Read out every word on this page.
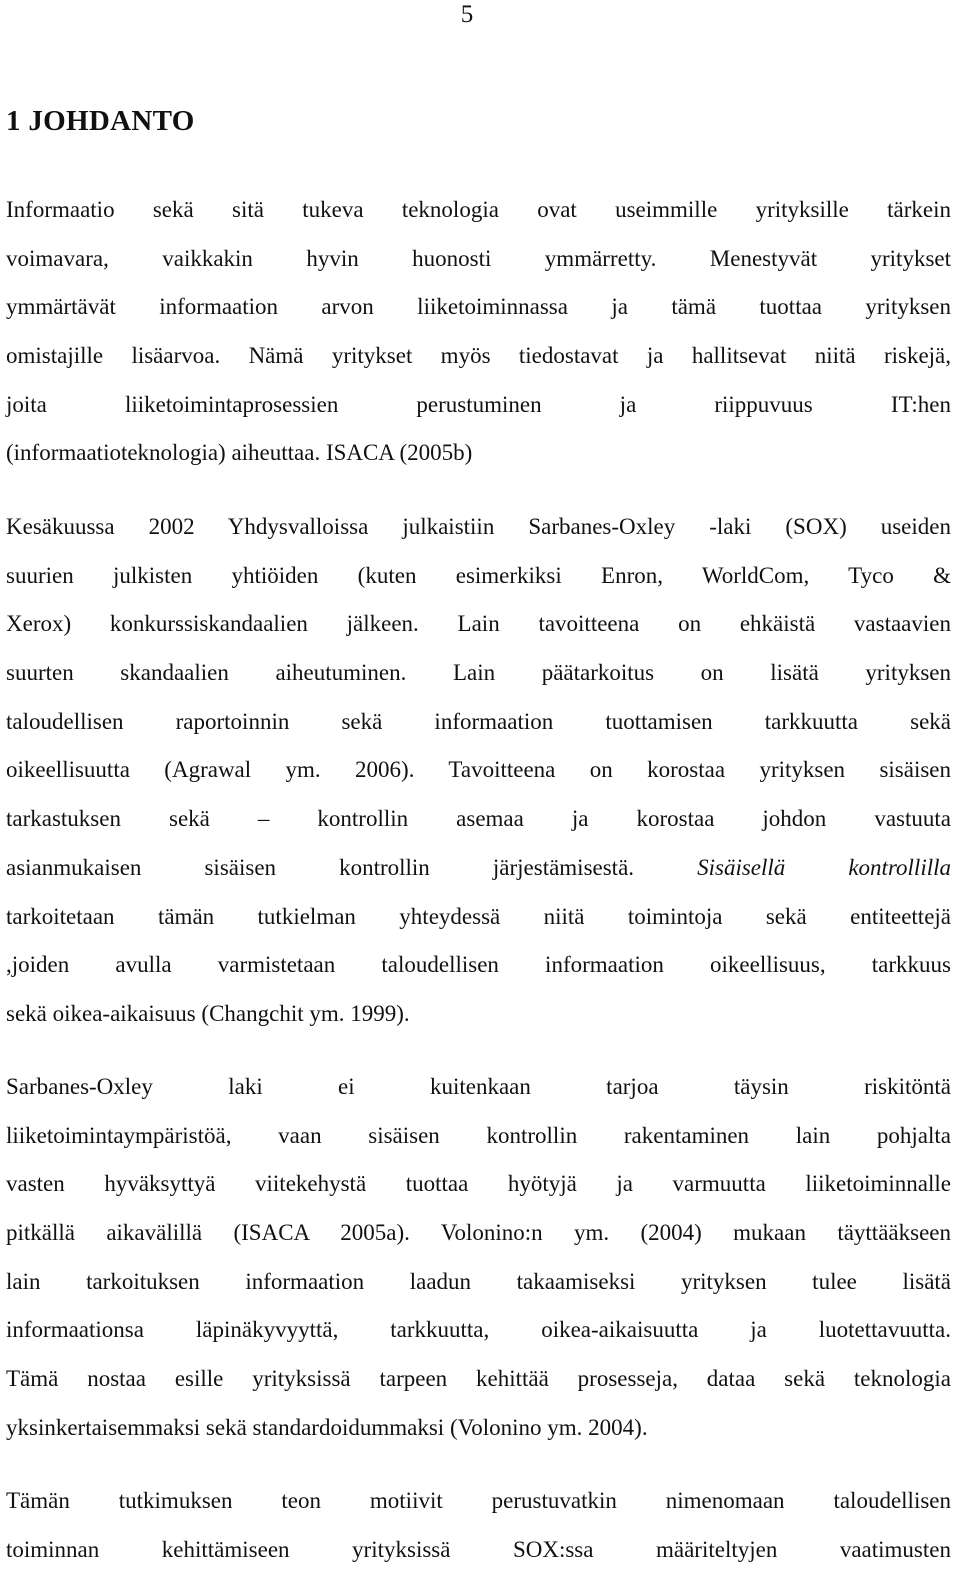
5
1 JOHDANTO

Informaatio sekä sitä tukeva teknologia ovat useimmille yrityksille tärkein
voimavara, vaikkakin hyvin huonosti ymmärretty. Menestyvät yritykset
ymmärtävät informaation arvon liiketoiminnassa ja tämä tuottaa yrityksen
omistajille lisäarvoa. Nämä yritykset myös tiedostavat ja hallitsevat niitä riskejä,
joita liiketoimintaprosessien perustuminen ja riippuvuus IT:hen
(informaatioteknologia) aiheuttaa. ISACA (2005b)

Kesäkuussa 2002 Yhdysvalloissa julkaistiin Sarbanes-Oxley -laki (SOX) useiden
suurien julkisten yhtiöiden (kuten esimerkiksi Enron, WorldCom, Tyco &
Xerox) konkurssiskandaalien jälkeen. Lain tavoitteena on ehkäistä vastaavien
suurten skandaalien aiheutuminen. Lain päätarkoitus on lisätä yrityksen
taloudellisen raportoinnin sekä informaation tuottamisen tarkkuutta sekä
oikeellisuutta (Agrawal ym. 2006). Tavoitteena on korostaa yrityksen sisäisen
tarkastuksen sekä – kontrollin asemaa ja korostaa johdon vastuuta
asianmukaisen sisäisen kontrollin järjestämisestä.	Sisäisellä kontrollilla
tarkoitetaan tämän tutkielman yhteydessä niitä toimintoja sekä entiteettejä
,joiden avulla varmistetaan taloudellisen informaation oikeellisuus, tarkkuus
sekä oikea-aikaisuus (Changchit ym. 1999).

Sarbanes-Oxley laki ei kuitenkaan tarjoa täysin riskitöntä
liiketoimintaympäristöä, vaan sisäisen kontrollin rakentaminen lain pohjalta
vasten hyväksyttyä viitekehystä tuottaa hyötyjä ja varmuutta liiketoiminnalle
pitkällä aikavälillä (ISACA 2005a). Volonino:n ym. (2004) mukaan täyttääkseen
lain tarkoituksen informaation laadun takaamiseksi yrityksen tulee lisätä
informaationsa läpinäkyvyyttä, tarkkuutta, oikea-aikaisuutta ja luotettavuutta.
Tämä nostaa esille yrityksissä tarpeen kehittää prosesseja, dataa sekä teknologia
yksinkertaisemmaksi sekä standardoidummaksi (Volonino ym. 2004).

Tämän tutkimuksen teon motiivit perustuvatkin nimenomaan taloudellisen
toiminnan kehittämiseen yrityksissä SOX:ssa määriteltyjen vaatimusten
